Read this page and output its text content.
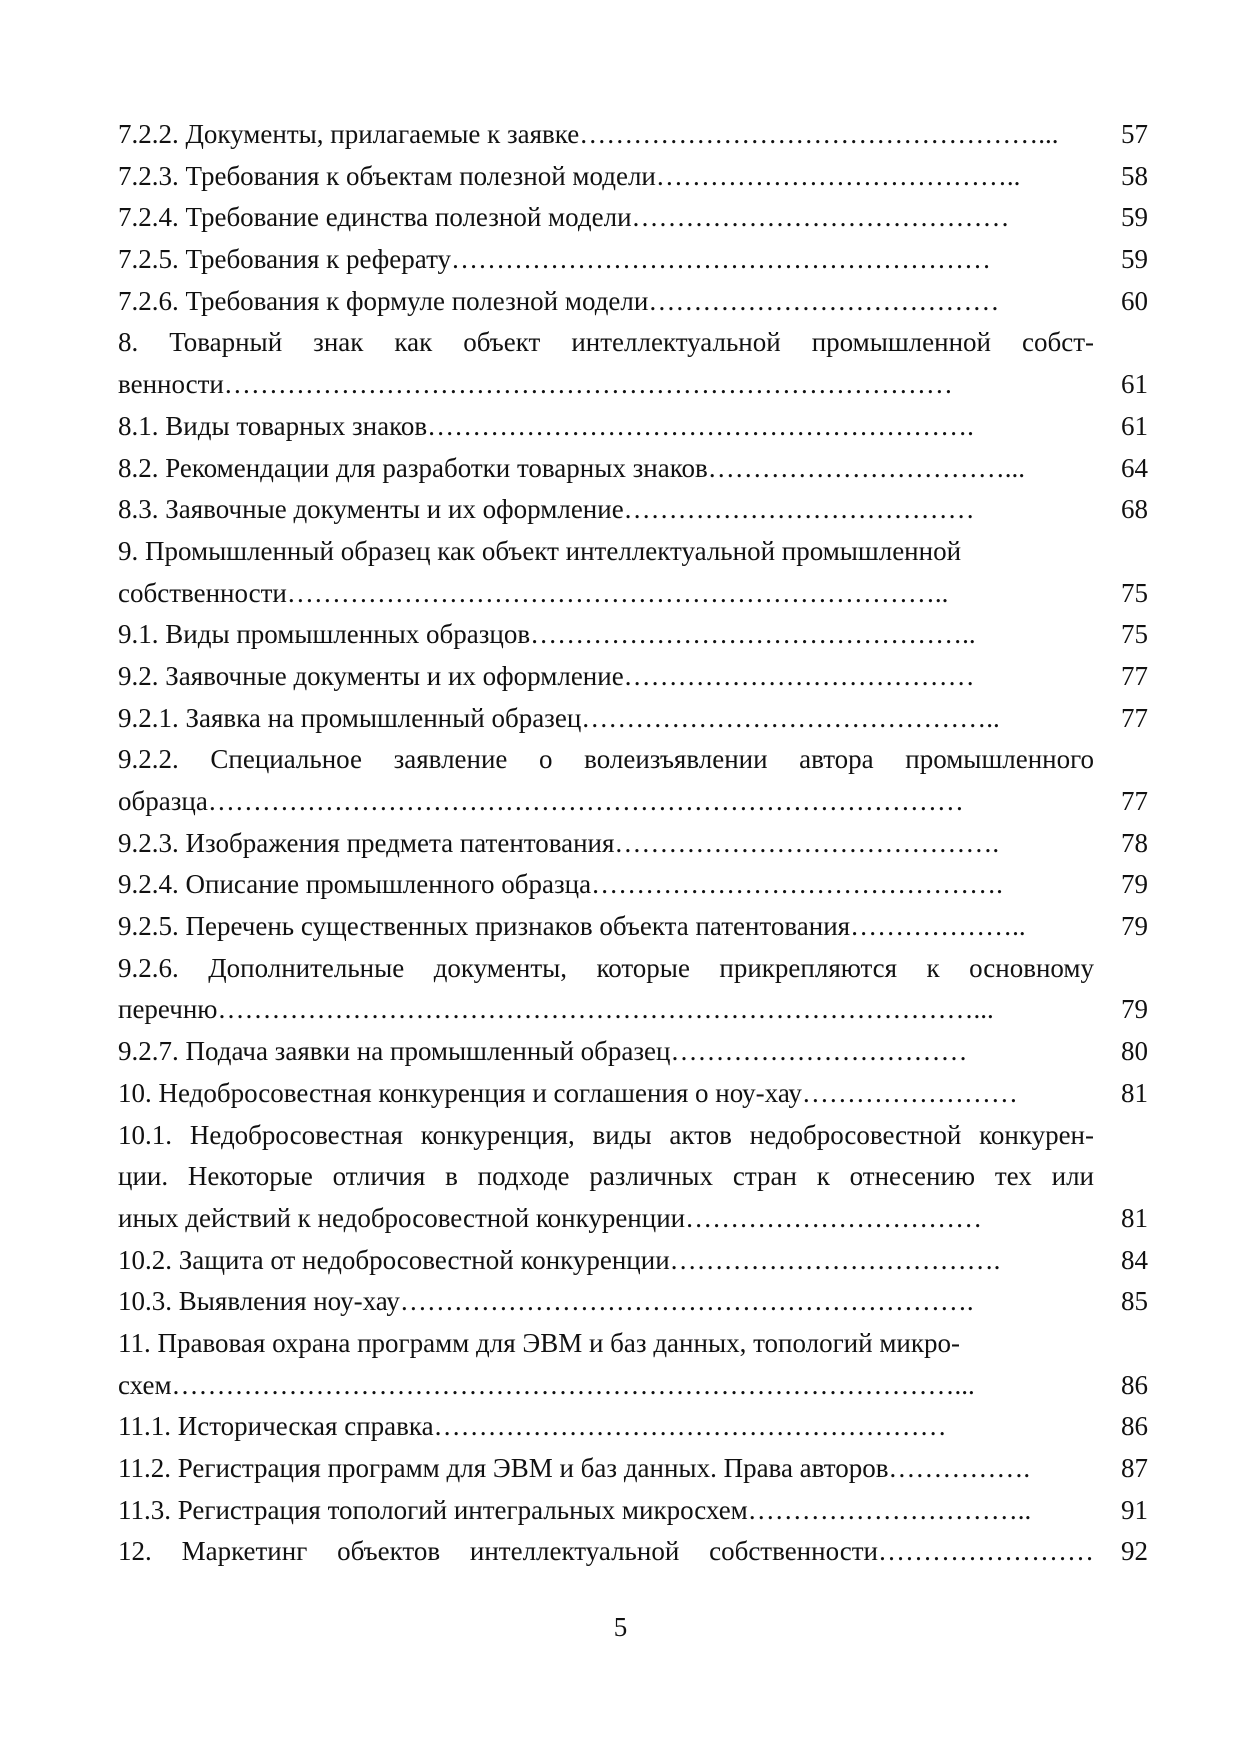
7.2.2. Документы, прилагаемые к заявке……………………………………………...	57
7.2.3. Требования к объектам полезной модели…………………………………..	58
7.2.4. Требование единства полезной модели……………………………………	59
7.2.5. Требования к реферату……………………………………………………	59
7.2.6. Требования к формуле полезной модели…………………………………	60
8. Товарный знак как объект интеллектуальной промышленной собст-
венности………………………………………………………………………	61
8.1. Виды товарных знаков…………………………………………………….	61
8.2. Рекомендации для разработки товарных знаков……………………………...	64
8.3. Заявочные документы и их оформление…………………………………	68
9. Промышленный образец как объект интеллектуальной промышленной
собственности………………………………………………………………..	75
9.1. Виды промышленных образцов…………………………………………..	75
9.2. Заявочные документы и их оформление…………………………………	77
9.2.1. Заявка на промышленный образец………………………………………..	77
9.2.2. Специальное заявление о волеизъявлении автора промышленного
образца…………………………………………………………………………	77
9.2.3. Изображения предмета патентования…………………………………….	78
9.2.4. Описание промышленного образца……………………………………….	79
9.2.5. Перечень существенных признаков объекта патентования………………..	79
9.2.6. Дополнительные документы, которые прикрепляются к основному
перечню…………………………………………………………………………...	79
9.2.7. Подача заявки на промышленный образец……………………………	80
10. Недобросовестная конкуренция и соглашения о ноу-хау……………………	81
10.1. Недобросовестная конкуренция, виды актов недобросовестной конкурен-
ции. Некоторые отличия в подходе различных стран к отнесению тех или
иных действий к недобросовестной конкуренции……………………………	81
10.2. Защита от недобросовестной конкуренции……………………………….	84
10.3. Выявления ноу-хау……………………………………………………….	85
11. Правовая охрана программ для ЭВМ и баз данных, топологий микро-
схем……………………………………………………………………………...	86
11.1. Историческая справка…………………………………………………	86
11.2. Регистрация программ для ЭВМ и баз данных. Права авторов…………….	87
11.3. Регистрация топологий интегральных микросхем…………………………..	91
12. Маркетинг объектов интеллектуальной собственности……………………	92
5
